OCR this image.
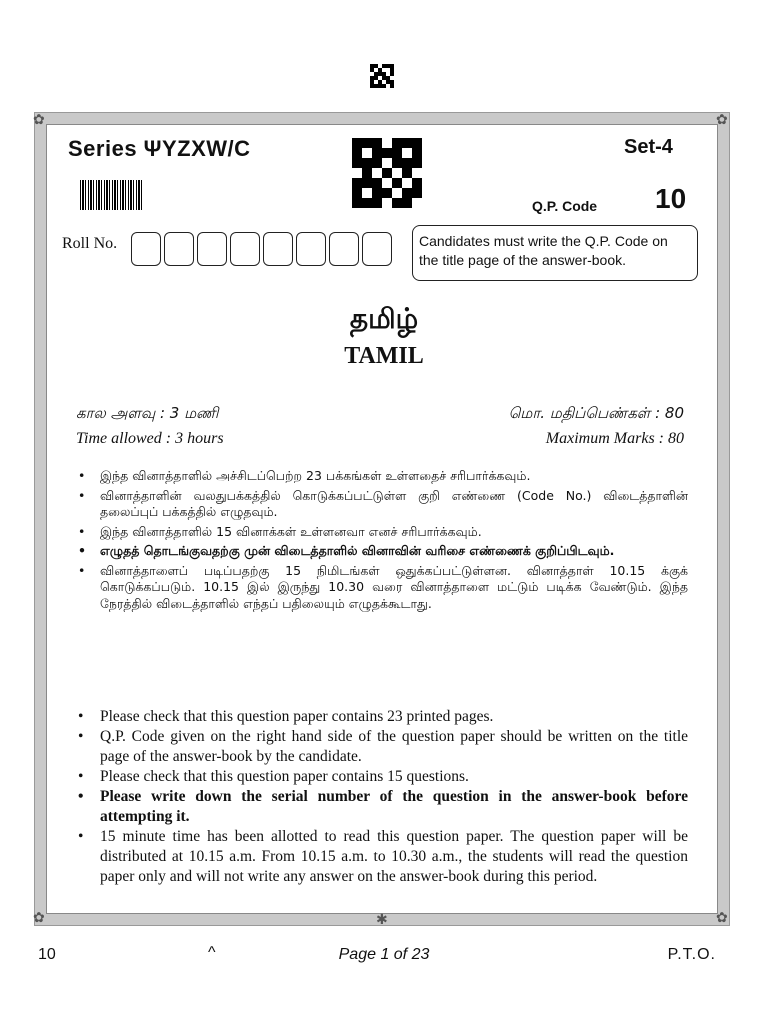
✿	✿
✿	✿
✱
Series ΨYZXW/C	Set-4
Q.P. Code 10
Roll No.	Candidates must write the Q.P. Code on the title page of the answer-book.
தமிழ்
TAMIL
கால அளவு : 3 மணி	மொ. மதிப்பெண்கள் : 80
Time allowed : 3 hours	Maximum Marks : 80
• இந்த வினாத்தாளில் அச்சிடப்பெற்ற 23 பக்கங்கள் உள்ளதைச் சரிபார்க்கவும்.
• வினாத்தாளின் வலதுபக்கத்தில் கொடுக்கப்பட்டுள்ள குறி எண்ணை (Code No.) விடைத்தாளின் தலைப்புப் பக்கத்தில் எழுதவும்.
• இந்த வினாத்தாளில் 15 வினாக்கள் உள்ளனவா எனச் சரிபார்க்கவும்.
• எழுதத் தொடங்குவதற்கு முன் விடைத்தாளில் வினாவின் வரிசை எண்ணைக் குறிப்பிடவும்.
• வினாத்தாளைப் படிப்பதற்கு 15 நிமிடங்கள் ஒதுக்கப்பட்டுள்ளன. வினாத்தாள் 10.15 க்குக் கொடுக்கப்படும். 10.15 இல் இருந்து 10.30 வரை வினாத்தாளை மட்டும் படிக்க வேண்டும். இந்த நேரத்தில் விடைத்தாளில் எந்தப் பதிலையும் எழுதக்கூடாது.
• Please check that this question paper contains 23 printed pages.
• Q.P. Code given on the right hand side of the question paper should be written on the title page of the answer-book by the candidate.
• Please check that this question paper contains 15 questions.
• Please write down the serial number of the question in the answer-book before attempting it.
• 15 minute time has been allotted to read this question paper. The question paper will be distributed at 10.15 a.m. From 10.15 a.m. to 10.30 a.m., the students will read the question paper only and will not write any answer on the answer-book during this period.
10	^	Page 1 of 23	P.T.O.
